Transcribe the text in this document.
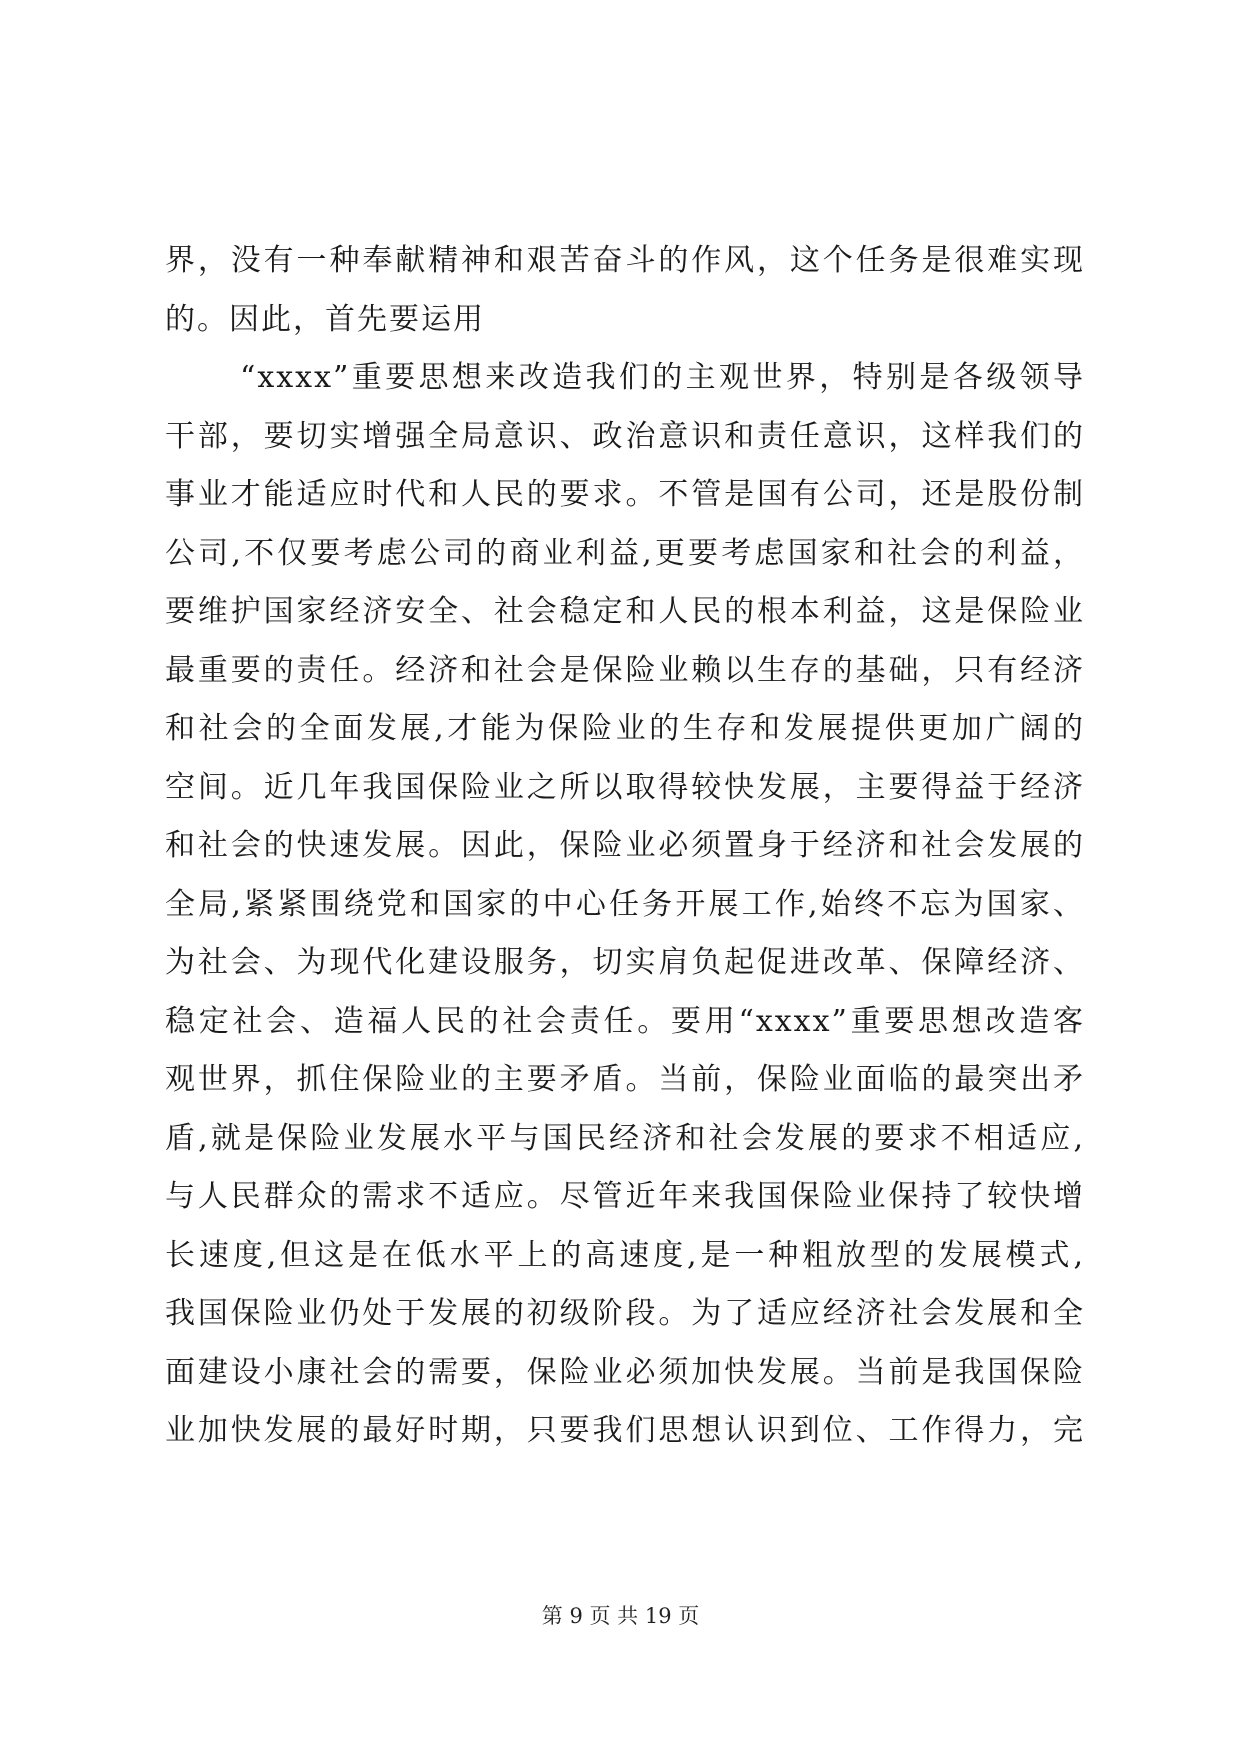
界，没有一种奉献精神和艰苦奋斗的作风，这个任务是很难实现
的。因此，首先要运用
“xxxx”重要思想来改造我们的主观世界，特别是各级领导
干部，要切实增强全局意识、政治意识和责任意识，这样我们的
事业才能适应时代和人民的要求。不管是国有公司，还是股份制
公司,不仅要考虑公司的商业利益,更要考虑国家和社会的利益，
要维护国家经济安全、社会稳定和人民的根本利益，这是保险业
最重要的责任。经济和社会是保险业赖以生存的基础，只有经济
和社会的全面发展,才能为保险业的生存和发展提供更加广阔的
空间。近几年我国保险业之所以取得较快发展，主要得益于经济
和社会的快速发展。因此，保险业必须置身于经济和社会发展的
全局,紧紧围绕党和国家的中心任务开展工作,始终不忘为国家、
为社会、为现代化建设服务，切实肩负起促进改革、保障经济、
稳定社会、造福人民的社会责任。要用“xxxx”重要思想改造客
观世界，抓住保险业的主要矛盾。当前，保险业面临的最突出矛
盾,就是保险业发展水平与国民经济和社会发展的要求不相适应,
与人民群众的需求不适应。尽管近年来我国保险业保持了较快增
长速度,但这是在低水平上的高速度,是一种粗放型的发展模式,
我国保险业仍处于发展的初级阶段。为了适应经济社会发展和全
面建设小康社会的需要，保险业必须加快发展。当前是我国保险
业加快发展的最好时期，只要我们思想认识到位、工作得力，完
第 9 页 共 19 页
